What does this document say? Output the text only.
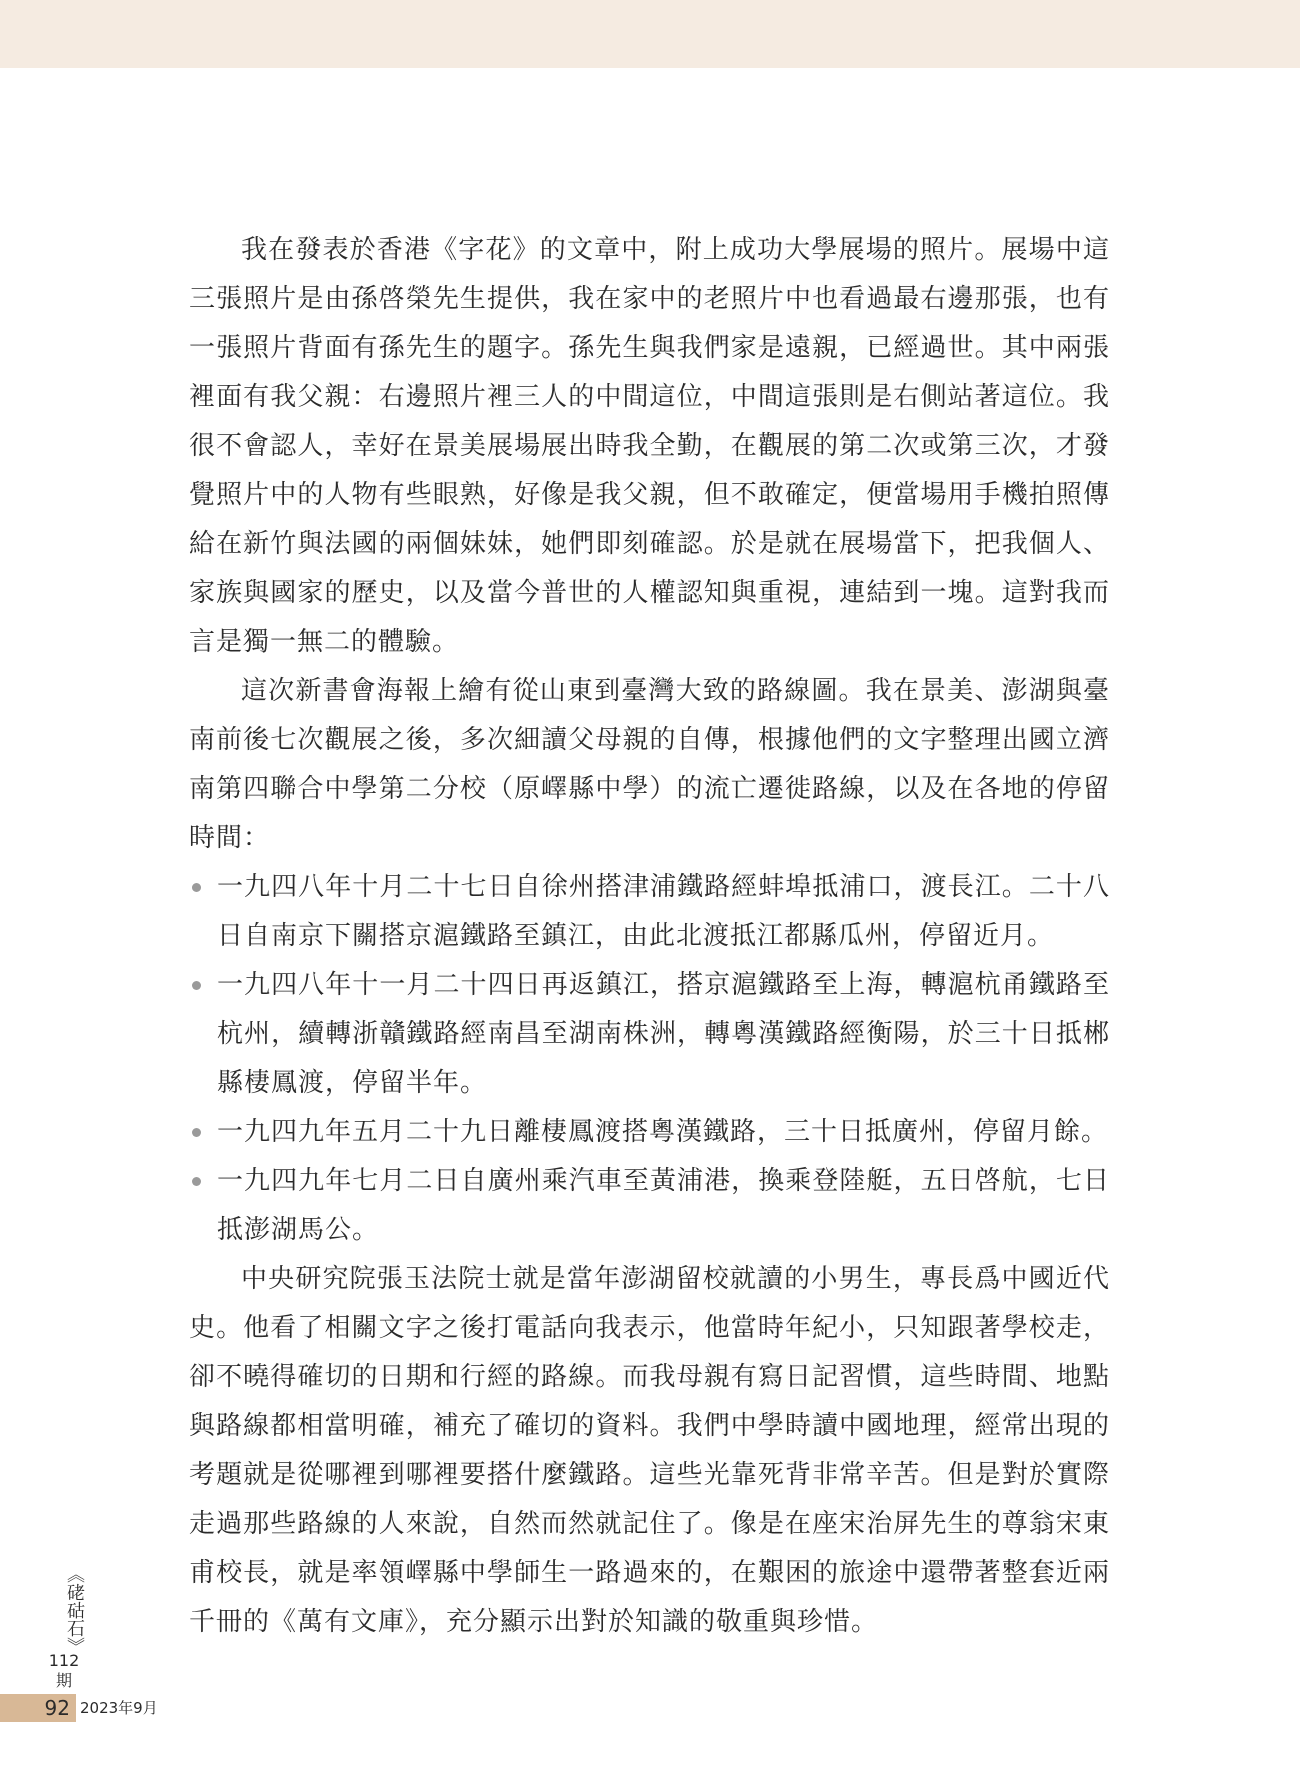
我在發表於香港《字花》的文章中，附上成功大學展場的照片。展場中這三張照片是由孫啓榮先生提供，我在家中的老照片中也看過最右邊那張，也有一張照片背面有孫先生的題字。孫先生與我們家是遠親，已經過世。其中兩張裡面有我父親：右邊照片裡三人的中間這位，中間這張則是右側站著這位。我很不會認人，幸好在景美展場展出時我全勤，在觀展的第二次或第三次，才發覺照片中的人物有些眼熟，好像是我父親，但不敢確定，便當場用手機拍照傳給在新竹與法國的兩個妹妹，她們即刻確認。於是就在展場當下，把我個人、家族與國家的歷史，以及當今普世的人權認知與重視，連結到一塊。這對我而言是獨一無二的體驗。

這次新書會海報上繪有從山東到臺灣大致的路線圖。我在景美、澎湖與臺南前後七次觀展之後，多次細讀父母親的自傳，根據他們的文字整理出國立濟南第四聯合中學第二分校（原嶧縣中學）的流亡遷徙路線，以及在各地的停留時間：

一九四八年十月二十七日自徐州搭津浦鐵路經蚌埠抵浦口，渡長江。二十八日自南京下關搭京滬鐵路至鎮江，由此北渡抵江都縣瓜州，停留近月。
一九四八年十一月二十四日再返鎮江，搭京滬鐵路至上海，轉滬杭甬鐵路至杭州，續轉浙贛鐵路經南昌至湖南株洲，轉粵漢鐵路經衡陽，於三十日抵郴縣棲鳳渡，停留半年。
一九四九年五月二十九日離棲鳳渡搭粵漢鐵路，三十日抵廣州，停留月餘。
一九四九年七月二日自廣州乘汽車至黃浦港，換乘登陸艇，五日啓航，七日抵澎湖馬公。

中央研究院張玉法院士就是當年澎湖留校就讀的小男生，專長爲中國近代史。他看了相關文字之後打電話向我表示，他當時年紀小，只知跟著學校走，卻不曉得確切的日期和行經的路線。而我母親有寫日記習慣，這些時間、地點與路線都相當明確，補充了確切的資料。我們中學時讀中國地理，經常出現的考題就是從哪裡到哪裡要搭什麼鐵路。這些光靠死背非常辛苦。但是對於實際走過那些路線的人來說，自然而然就記住了。像是在座宋治屏先生的尊翁宋東甫校長，就是率領嶧縣中學師生一路過來的，在艱困的旅途中還帶著整套近兩千冊的《萬有文庫》，充分顯示出對於知識的敬重與珍惜。

《硓𥑮石》
112
期
92 2023年9月
